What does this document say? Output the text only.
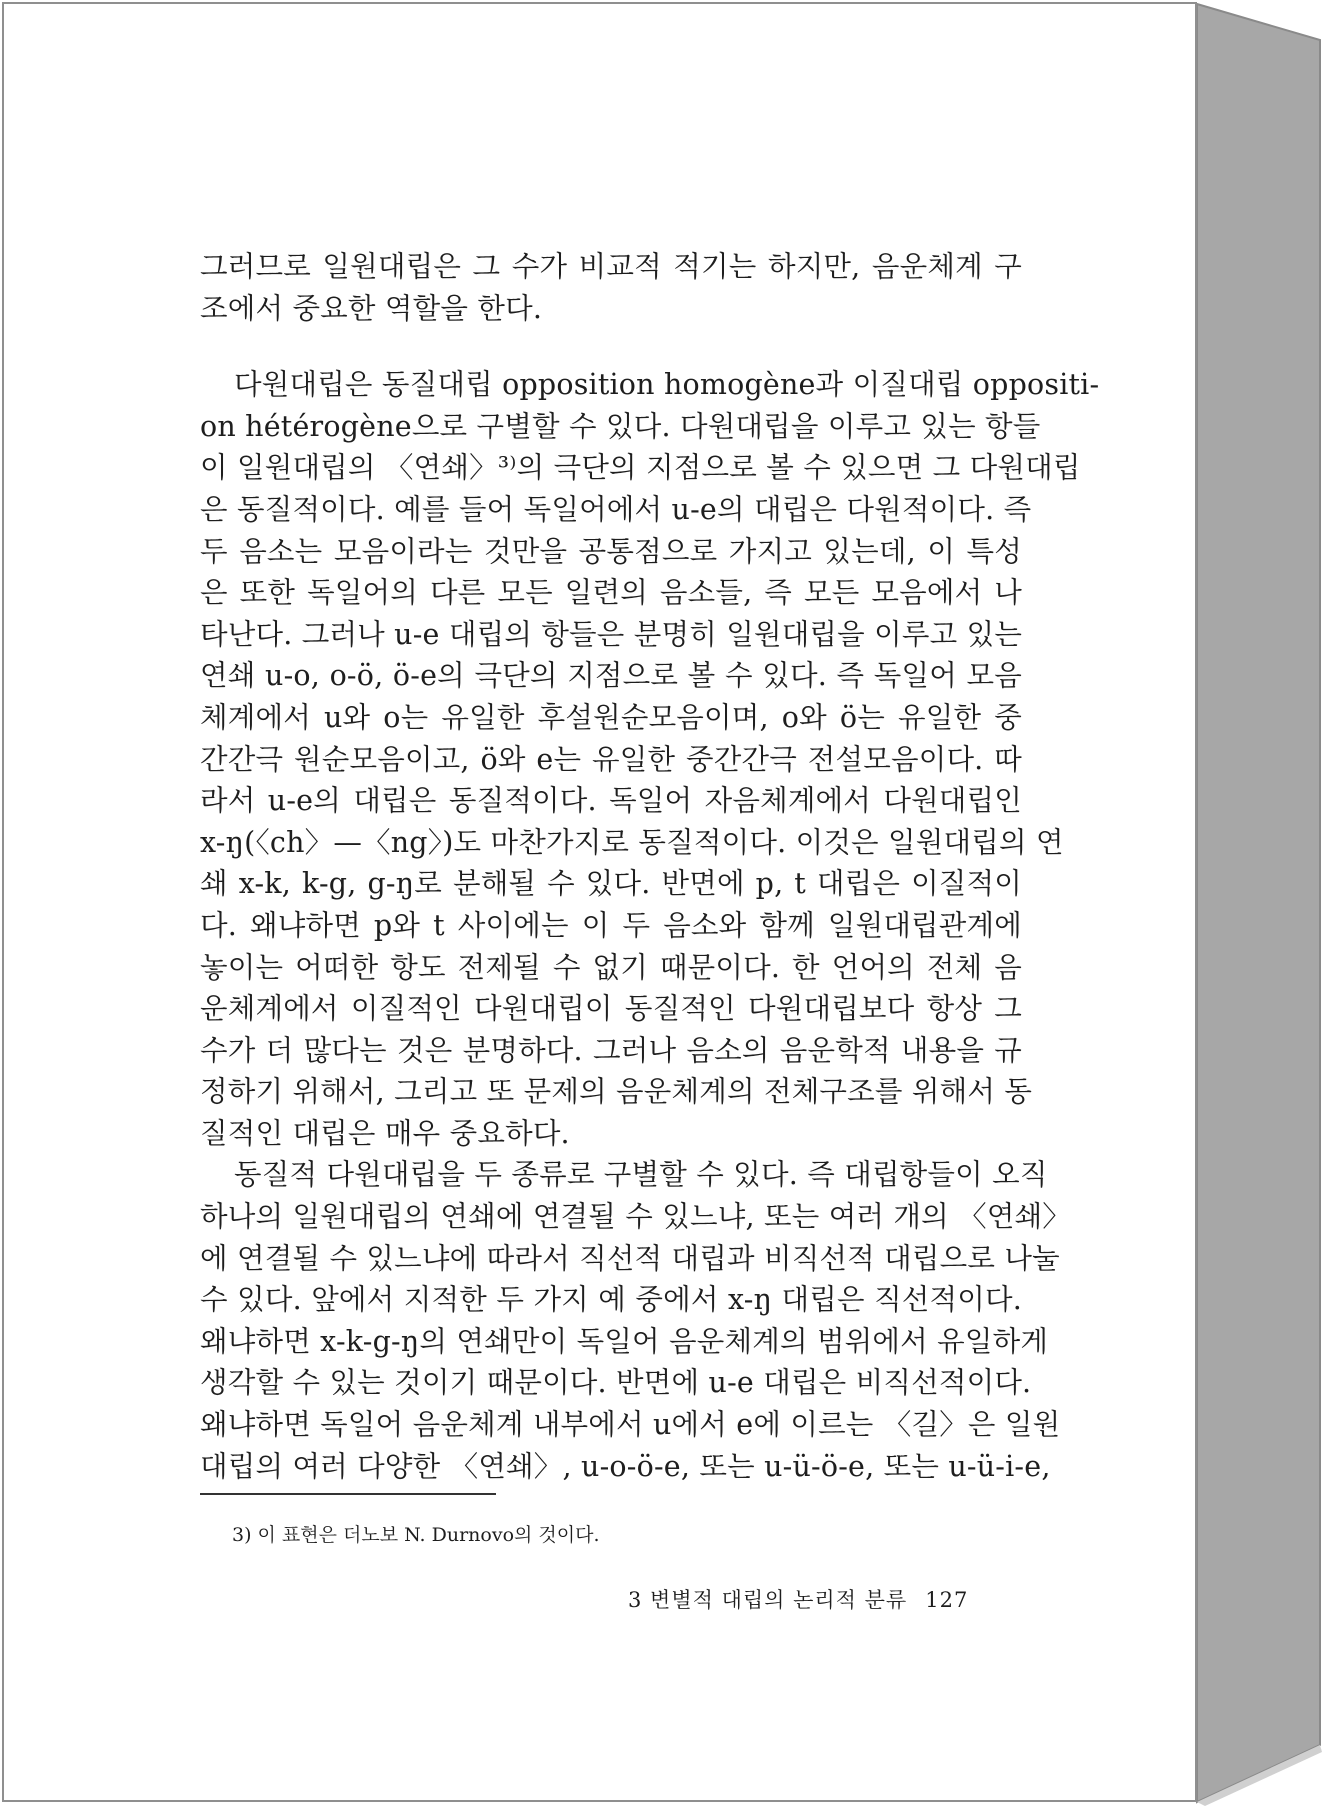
그러므로 일원대립은 그 수가 비교적 적기는 하지만, 음운체계 구
조에서 중요한 역할을 한다.
다원대립은 동질대립 opposition homogène과 이질대립 oppositi-
on hétérogène으로 구별할 수 있다. 다원대립을 이루고 있는 항들
이 일원대립의 〈연쇄〉³⁾의 극단의 지점으로 볼 수 있으면 그 다원대립
은 동질적이다. 예를 들어 독일어에서 u-e의 대립은 다원적이다. 즉
두 음소는 모음이라는 것만을 공통점으로 가지고 있는데, 이 특성
은 또한 독일어의 다른 모든 일련의 음소들, 즉 모든 모음에서 나
타난다. 그러나 u-e 대립의 항들은 분명히 일원대립을 이루고 있는
연쇄 u-o, o-ö, ö-e의 극단의 지점으로 볼 수 있다. 즉 독일어 모음
체계에서 u와 o는 유일한 후설원순모음이며, o와 ö는 유일한 중
간간극 원순모음이고, ö와 e는 유일한 중간간극 전설모음이다. 따
라서 u-e의 대립은 동질적이다. 독일어 자음체계에서 다원대립인
x-ŋ(〈ch〉—〈ng〉)도 마찬가지로 동질적이다. 이것은 일원대립의 연
쇄 x-k, k-g, g-ŋ로 분해될 수 있다. 반면에 p, t 대립은 이질적이
다. 왜냐하면 p와 t 사이에는 이 두 음소와 함께 일원대립관계에
놓이는 어떠한 항도 전제될 수 없기 때문이다. 한 언어의 전체 음
운체계에서 이질적인 다원대립이 동질적인 다원대립보다 항상 그
수가 더 많다는 것은 분명하다. 그러나 음소의 음운학적 내용을 규
정하기 위해서, 그리고 또 문제의 음운체계의 전체구조를 위해서 동
질적인 대립은 매우 중요하다.
동질적 다원대립을 두 종류로 구별할 수 있다. 즉 대립항들이 오직
하나의 일원대립의 연쇄에 연결될 수 있느냐, 또는 여러 개의 〈연쇄〉
에 연결될 수 있느냐에 따라서 직선적 대립과 비직선적 대립으로 나눌
수 있다. 앞에서 지적한 두 가지 예 중에서 x-ŋ 대립은 직선적이다.
왜냐하면 x-k-g-ŋ의 연쇄만이 독일어 음운체계의 범위에서 유일하게
생각할 수 있는 것이기 때문이다. 반면에 u-e 대립은 비직선적이다.
왜냐하면 독일어 음운체계 내부에서 u에서 e에 이르는 〈길〉은 일원
대립의 여러 다양한 〈연쇄〉, u-o-ö-e, 또는 u-ü-ö-e, 또는 u-ü-i-e,
3) 이 표현은 더노보 N. Durnovo의 것이다.
3 변별적 대립의 논리적 분류 127
